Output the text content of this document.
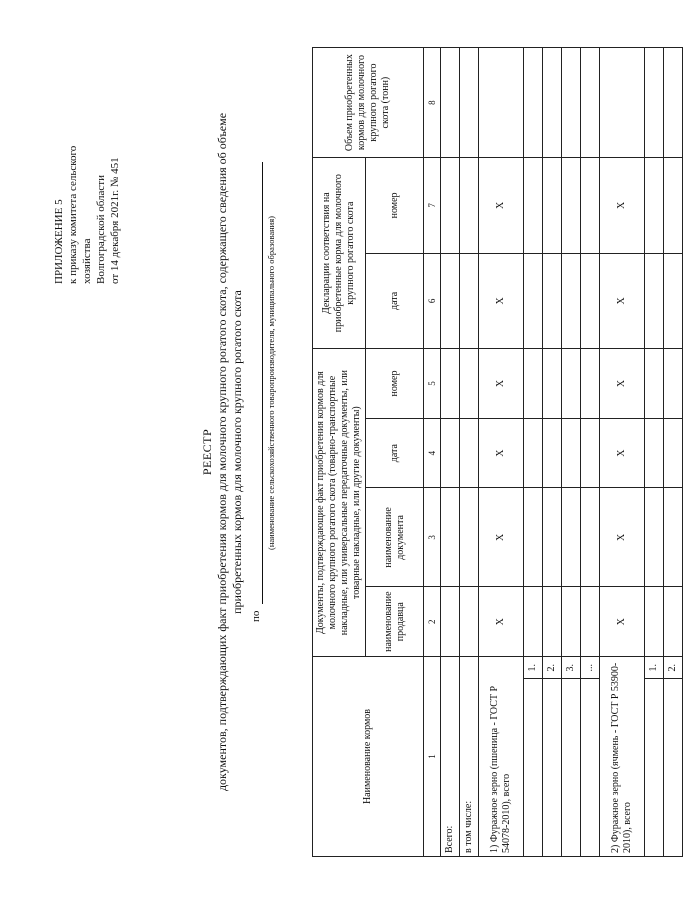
ПРИЛОЖЕНИЕ 5 к приказу комитета сельского хозяйства Волгоградской области от 14 декабря 2021г. № 451
РЕЕСТР документов, подтверждающих факт приобретения кормов для молочного крупного рогатого скота, содержащего сведения об объеме приобретенных кормов для молочного крупного рогатого скота
по
(наименование сельскохозяйственного товаропроизводителя, муниципального образования)
Наименование кормов		Документы, подтверждающие факт приобретения кормов для молочного крупного рогатого скота (товарно-транспортные накладные, или универсальные передаточные документы, или товарные накладные, или другие документы)				Декларации соответствия на приобретенные корма для молочного крупного рогатого скота		Объем приобретенных кормов для молочного крупного рогатого скота (тонн)
		наименование продавца	наименование документа	дата	номер	дата	номер	
1		2	3	4	5	6	7	8
Всего:								
в том числе:								
1) Фуражное зерно (пшеница - ГОСТ Р 54078-2010), всего		X	X	X	X	X	X	
	1.							
	2.							
	3.							
	...							
2) Фуражное зерно (ячмень - ГОСТ Р 53900-2010), всего		X	X	X	X	X	X	
	1.							
	2.							
